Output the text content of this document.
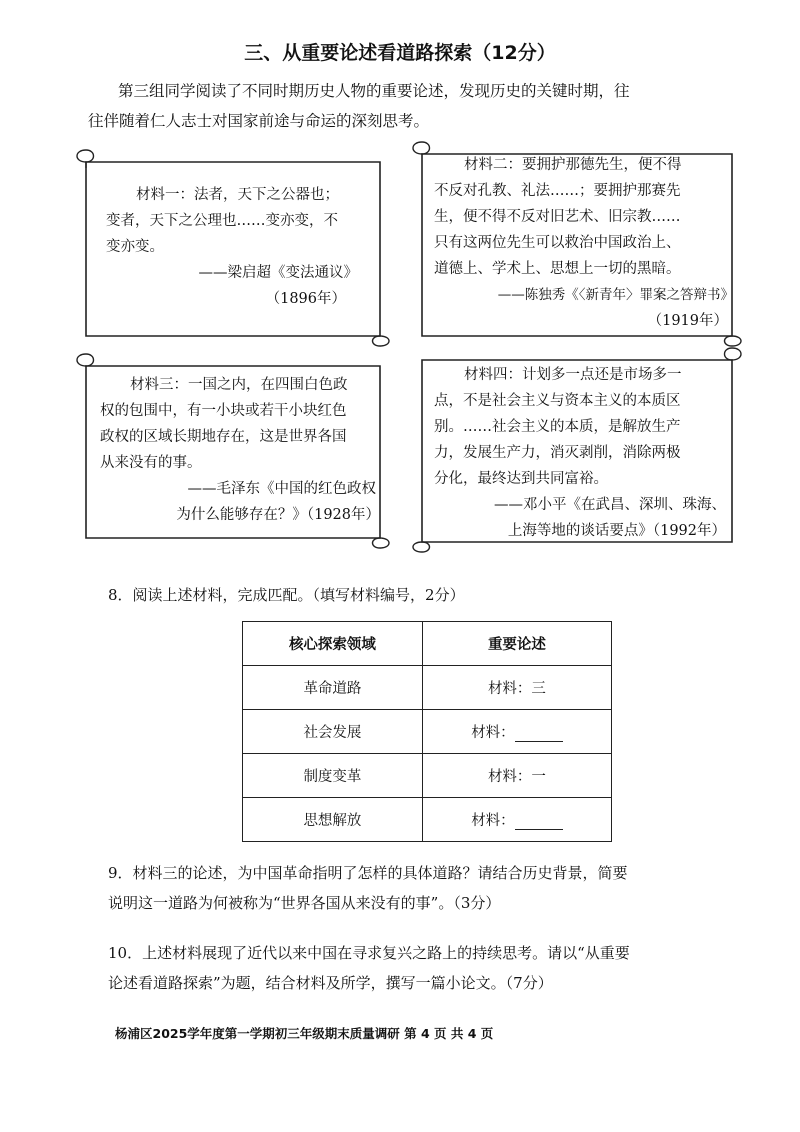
三、从重要论述看道路探索（12分）

第三组同学阅读了不同时期历史人物的重要论述，发现历史的关键时期，往

往伴随着仁人志士对国家前途与命运的深刻思考。

材料一：法者，天下之公器也；

变者，天下之公理也……变亦变，不

变亦变。

——梁启超《变法通议》

（1896年）

材料二：要拥护那德先生，便不得

不反对孔教、礼法……；要拥护那赛先

生，便不得不反对旧艺术、旧宗教……

只有这两位先生可以救治中国政治上、

道德上、学术上、思想上一切的黑暗。

——陈独秀《〈新青年〉罪案之答辩书》

（1919年）

材料三：一国之内，在四围白色政

权的包围中，有一小块或若干小块红色

政权的区域长期地存在，这是世界各国

从来没有的事。

——毛泽东《中国的红色政权

为什么能够存在？》（1928年）

材料四：计划多一点还是市场多一

点，不是社会主义与资本主义的本质区

别。……社会主义的本质，是解放生产

力，发展生产力，消灭剥削，消除两极

分化，最终达到共同富裕。

——邓小平《在武昌、深圳、珠海、

上海等地的谈话要点》（1992年）

8．阅读上述材料，完成匹配。（填写材料编号，2分）

核心探索领域	重要论述
革命道路	材料：三
社会发展	材料：
制度变革	材料：一
思想解放	材料：

9．材料三的论述，为中国革命指明了怎样的具体道路？请结合历史背景，简要

说明这一道路为何被称为“世界各国从来没有的事”。（3分）

10．上述材料展现了近代以来中国在寻求复兴之路上的持续思考。请以“从重要

论述看道路探索”为题，结合材料及所学，撰写一篇小论文。（7分）

杨浦区2025学年度第一学期初三年级期末质量调研 第 4 页 共 4 页
